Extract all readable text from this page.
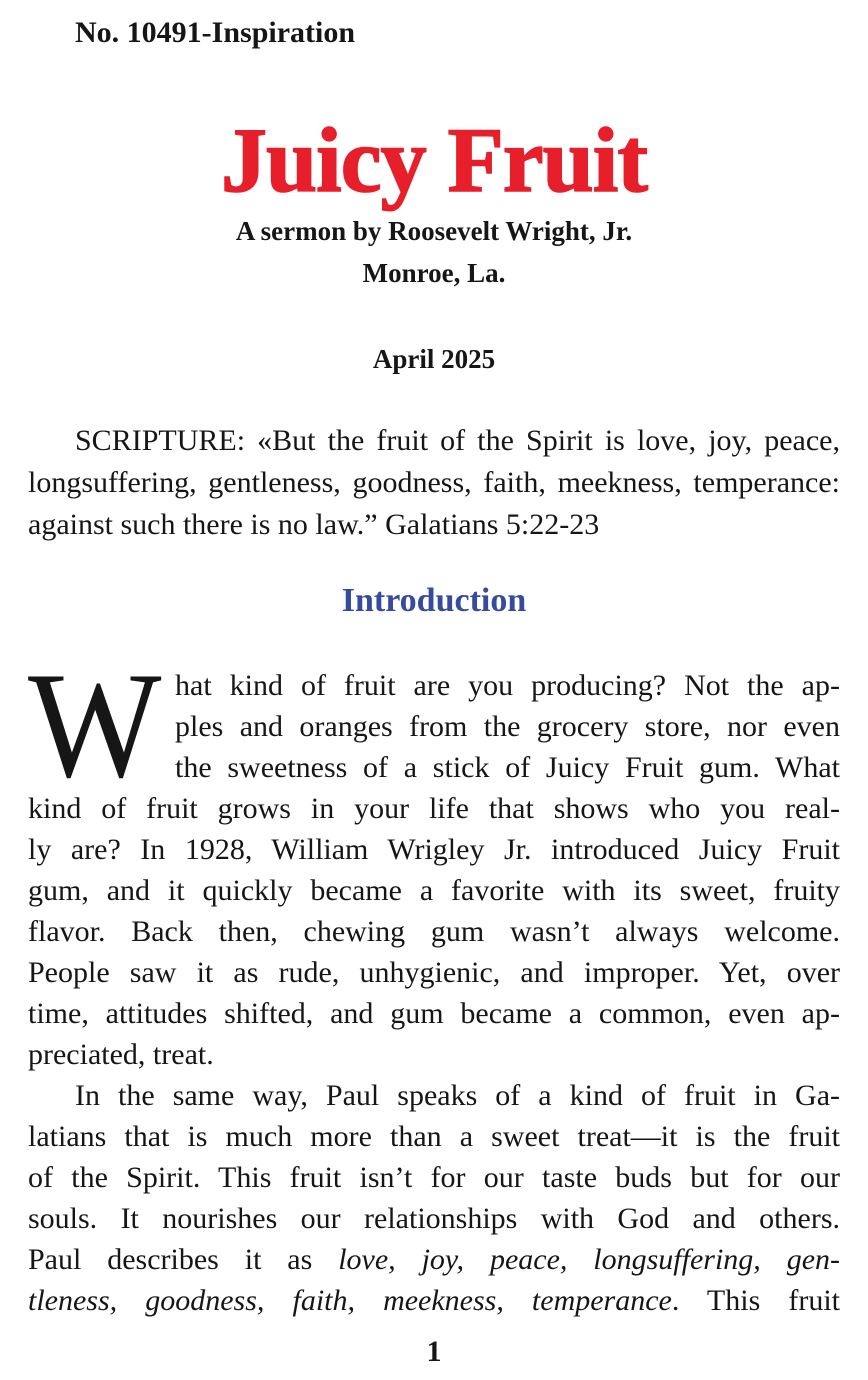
No. 10491-Inspiration
Juicy Fruit
A sermon by Roosevelt Wright, Jr.
Monroe, La.
April 2025
SCRIPTURE: «But the fruit of the Spirit is love, joy, peace,
longsuffering, gentleness, goodness, faith, meekness, temperance:
against such there is no law.” Galatians 5:22-23
Introduction
W hat kind of fruit are you producing? Not the ap-
ples and oranges from the grocery store, nor even
the sweetness of a stick of Juicy Fruit gum. What
kind of fruit grows in your life that shows who you real-
ly are? In 1928, William Wrigley Jr. introduced Juicy Fruit
gum, and it quickly became a favorite with its sweet, fruity
flavor. Back then, chewing gum wasn’t always welcome.
People saw it as rude, unhygienic, and improper. Yet, over
time, attitudes shifted, and gum became a common, even ap-
preciated, treat.
In the same way, Paul speaks of a kind of fruit in Ga-
latians that is much more than a sweet treat—it is the fruit
of the Spirit. This fruit isn’t for our taste buds but for our
souls. It nourishes our relationships with God and others.
Paul describes it as love, joy, peace, longsuffering, gen-
tleness, goodness, faith, meekness, temperance. This fruit
1
